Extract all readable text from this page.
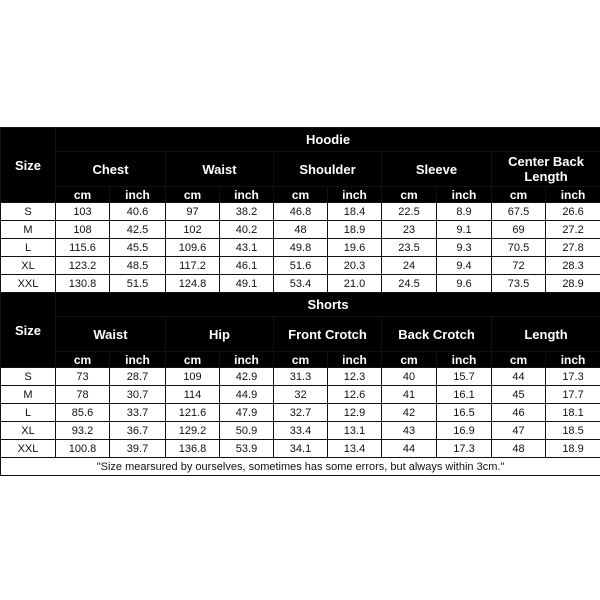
Size	Hoodie									
	Chest		Waist		Shoulder		Sleeve		Center Back Length	
	cm	inch	cm	inch	cm	inch	cm	inch	cm	inch
S	103	40.6	97	38.2	46.8	18.4	22.5	8.9	67.5	26.6
M	108	42.5	102	40.2	48	18.9	23	9.1	69	27.2
L	115.6	45.5	109.6	43.1	49.8	19.6	23.5	9.3	70.5	27.8
XL	123.2	48.5	117.2	46.1	51.6	20.3	24	9.4	72	28.3
XXL	130.8	51.5	124.8	49.1	53.4	21.0	24.5	9.6	73.5	28.9
Size	Shorts									
	Waist		Hip		Front Crotch		Back Crotch		Length	
	cm	inch	cm	inch	cm	inch	cm	inch	cm	inch
S	73	28.7	109	42.9	31.3	12.3	40	15.7	44	17.3
M	78	30.7	114	44.9	32	12.6	41	16.1	45	17.7
L	85.6	33.7	121.6	47.9	32.7	12.9	42	16.5	46	18.1
XL	93.2	36.7	129.2	50.9	33.4	13.1	43	16.9	47	18.5
XXL	100.8	39.7	136.8	53.9	34.1	13.4	44	17.3	48	18.9
"Size mearsured by ourselves, sometimes has some errors, but always within 3cm."										
